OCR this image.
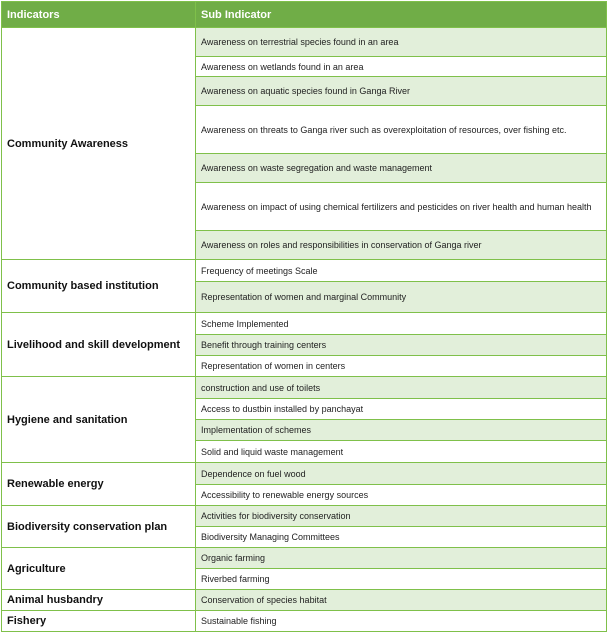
Indicators	Sub Indicator
Community Awareness	Awareness on terrestrial species found in an area
	Awareness on wetlands found in an area
	Awareness on aquatic species found in Ganga River
	Awareness on threats to Ganga river such as overexploitation of resources, over fishing etc.
	Awareness on waste segregation and waste management
	Awareness on impact of using chemical fertilizers and pesticides on river health and human health
	Awareness on roles and responsibilities in conservation of Ganga river
Community based institution	Frequency of meetings Scale
	Representation of women and marginal Community
Livelihood and skill development	Scheme Implemented
	Benefit through training centers
	Representation of women in centers
Hygiene and sanitation	construction and use of toilets
	Access to dustbin installed by panchayat
	Implementation of schemes
	Solid and liquid waste management
Renewable energy	Dependence on fuel wood
	Accessibility to renewable energy sources
Biodiversity conservation plan	Activities for biodiversity conservation
	Biodiversity Managing Committees
Agriculture	Organic farming
	Riverbed farming
Animal husbandry	Conservation of species habitat
Fishery	Sustainable fishing
